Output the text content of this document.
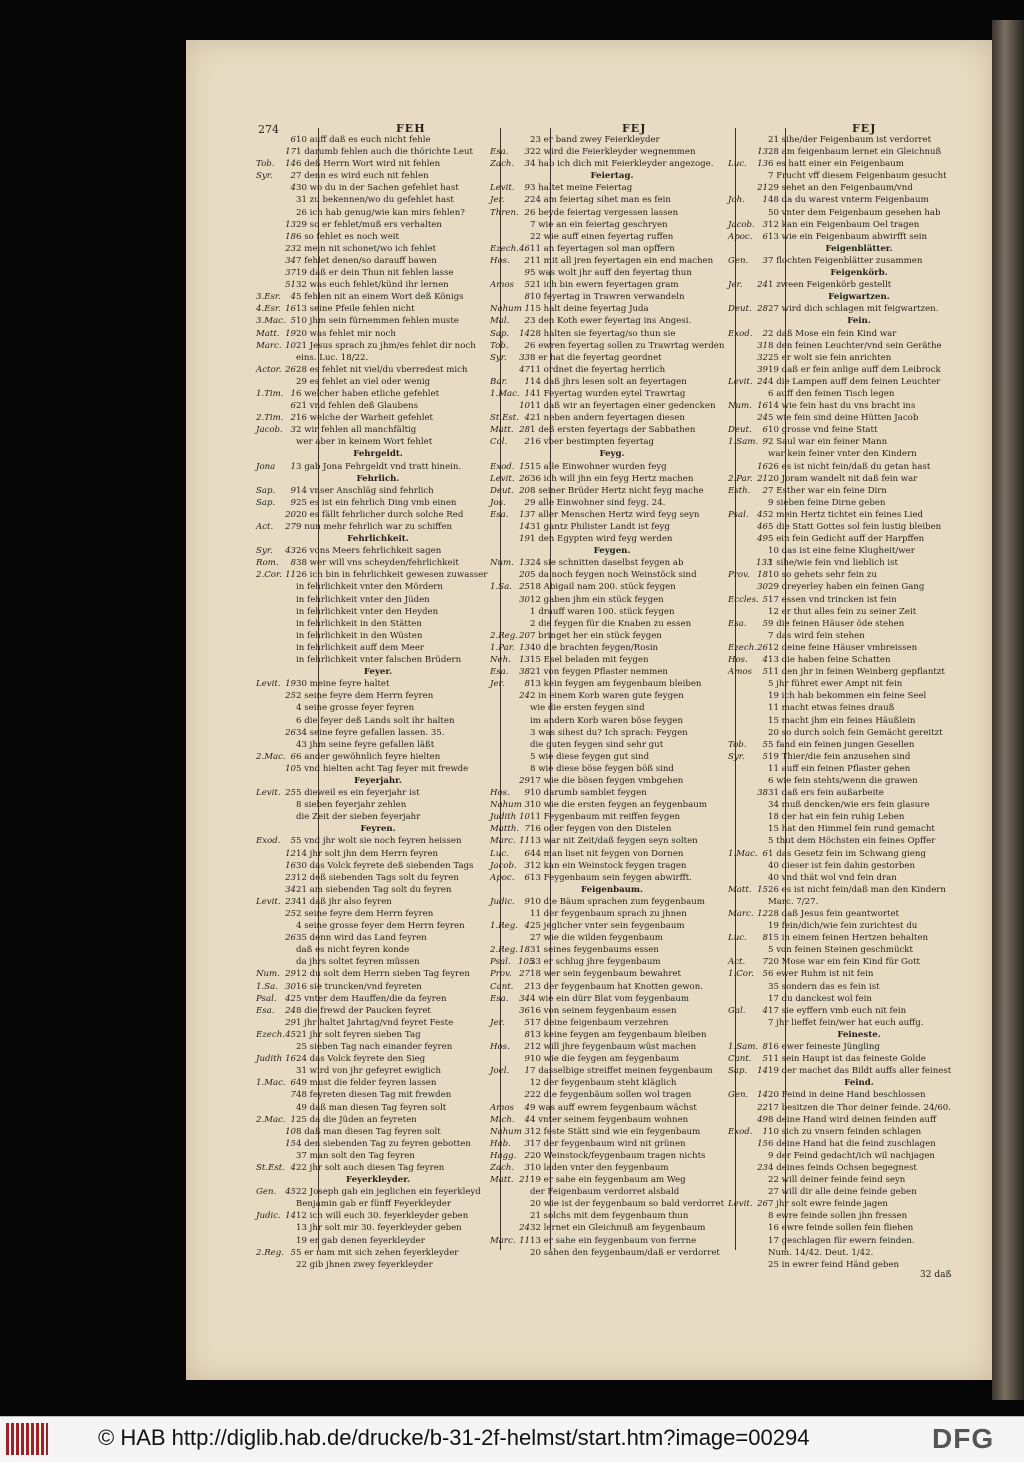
274	FEH	FEJ	FEJ
610 auff daß es euch nicht fehle
171 darumb fehlen auch die thörichte Leut
Tob. 146 deß Herrn Wort wird nit fehlen
Syr. 27 denn es wird euch nit fehlen
430 wo du in der Sachen gefehlet hast
31 zu bekennen/wo du gefehlet hast
26 ich hab genug/wie kan mirs fehlen?
1329 so er fehlet/muß ers verhalten
186 so fehlet es noch weit
232 mein nit schonet/wo ich fehlet
347 fehlet denen/so darauff bawen
3719 daß er dein Thun nit fehlen lasse
5132 was euch fehlet/künd ihr lernen
3.Esr. 45 fehlen nit an einem Wort deß Königs
4.Esr. 1613 seine Pfeile fehlen nicht
3.Mac. 510 jhm sein fürnemmen fehlen muste
Matt. 1920 was fehlet mir noch
Marc. 1021 Jesus sprach zu jhm/es fehlet dir noch
eins. Luc. 18/22.
Actor. 2628 es fehlet nit viel/du vberredest mich
29 es fehlet an viel oder wenig
1.Tim. 16 welcher haben etliche gefehlet
621 vnd fehlen deß Glaubens
2.Tim. 216 welche der Warheit gefehlet
Jacob. 32 wir fehlen all manchfältig
wer aber in keinem Wort fehlet
Fehrgeldt.
Jona 13 gab Jona Fehrgeldt vnd tratt hinein.
Fehrlich.
Sap. 914 vnser Anschläg sind fehrlich
Sap. 925 es ist ein fehrlich Ding vmb einen
2020 es fällt fehrlicher durch solche Red
Act. 279 nun mehr fehrlich war zu schiffen
Fehrlichkeit.
Syr. 4326 vons Meers fehrlichkeit sagen
Rom. 838 wer will vns scheyden/fehrlichkeit
2.Cor. 1126 ich bin in fehrlichkeit gewesen zuwasser
in fehrlichkeit vnter den Mördern
in fehrlichkeit vnter den Jüden
in fehrlichkeit vnter den Heyden
in fehrlichkeit in den Stätten
in fehrlichkeit in den Wüsten
in fehrlichkeit auff dem Meer
in fehrlichkeit vnter falschen Brüdern
Feyer.
Levit. 1930 meine feyre haltet
252 seine feyre dem Herrn feyren
4 seine grosse feyer feyren
6 die feyer deß Lands solt ihr halten
2634 seine feyre gefallen lassen. 35.
43 jhm seine feyre gefallen läßt
2.Mac. 66 ander gewöhnlich feyre hielten
105 vnd hielten acht Tag feyer mit frewde
Feyerjahr.
Levit. 255 dieweil es ein feyerjahr ist
8 sieben feyerjahr zehlen
die Zeit der sieben feyerjahr
Feyren.
Exod. 55 vnd jhr wolt sie noch feyren heissen
1214 jhr solt jhn dem Herrn feyren
1630 das Volck feyrete deß siebenden Tags
2312 deß siebenden Tags solt du feyren
3421 am siebenden Tag solt du feyren
Levit. 2341 daß jhr also feyren
252 seine feyre dem Herrn feyren
4 seine grosse feyer dem Herrn feyren
2635 denn wird das Land feyren
daß es nicht feyren konde
da jhrs soltet feyren müssen
Num. 2912 du solt dem Herrn sieben Tag feyren
1.Sa. 3016 sie truncken/vnd feyreten
Psal. 425 vnter dem Hauffen/die da feyren
Esa. 248 die frewd der Paucken feyret
291 jhr haltet Jahrtag/vnd feyret Feste
Ezech.4521 jhr solt feyren sieben Tag
25 sieben Tag nach einander feyren
Judith 1624 das Volck feyrete den Sieg
31 wird von jhr gefeyret ewiglich
1.Mac. 649 must die felder feyren lassen
748 feyreten diesen Tag mit frewden
49 daß man diesen Tag feyren solt
2.Mac. 125 da die Jüden an feyreten
108 daß man diesen Tag feyren solt
154 den siebenden Tag zu feyren gebotten
37 man solt den Tag feyren
St.Est. 422 jhr solt auch diesen Tag feyren
Feyerkleyder.
Gen. 4522 Joseph gab ein jeglichen ein feyerkleyd
Benjamin gab er fünff Feyerkleyder
Judic. 1412 ich will euch 30. feyerkleyder geben
13 jhr solt mir 30. feyerkleyder geben
19 er gab denen feyerkleyder
2.Reg. 55 er nam mit sich zehen feyerkleyder
22 gib jhnen zwey feyerkleyder
23 er band zwey Feierkleyder
Esa. 322 wird die Feierkleyder wegnemmen
Zach. 34 hab ich dich mit Feierkleyder angezoge.
Feiertag.
Levit. 93 haltet meine Feiertag
Jer. 224 am feiertag sihet man es fein
Thren. 26 beyde feiertag vergessen lassen
7 wie an ein feiertag geschryen
22 wie auff einen feyertag ruffen
Ezech.4611 an feyertagen sol man opffern
Hos. 211 mit all jren feyertagen ein end machen
95 was wolt jhr auff den feyertag thun
Amos 521 ich bin ewern feyertagen gram
810 feyertag in Trawren verwandeln
Nahum 115 halt deine feyertag Juda
Mal. 23 den Koth ewer feyertag ins Angesi.
Sap. 1428 halten sie feyertag/so thun sie
Tob. 26 ewren feyertag sollen zu Trawrtag werden
Syr. 338 er hat die feyertag geordnet
4711 ordnet die feyertag herrlich
Bar. 114 daß jhrs lesen solt an feyertagen
1.Mac. 141 Feyertag wurden eytel Trawrtag
1011 daß wir an feyertagen einer gedencken
St.Est. 421 neben andern feyertagen diesen
Matt. 281 deß ersten feyertags der Sabbathen
Col. 216 vber bestimpten feyertag
Feyg.
Exod. 1515 alle Einwohner wurden feyg
Levit. 2636 ich will jhn ein feyg Hertz machen
Deut. 208 seiner Brüder Hertz nicht feyg mache
Jos. 29 alle Einwohner sind feyg. 24.
Esa. 137 aller Menschen Hertz wird feyg seyn
1431 gantz Philister Landt ist feyg
191 den Egypten wird feyg werden
Feygen.
Num. 1324 sie schnitten daselbst feygen ab
205 da noch feygen noch Weinstöck sind
1.Sa. 2518 Abigail nam 200. stück feygen
3012 gaben jhm ein stück feygen
1 drauff waren 100. stück feygen
2 die feygen für die Knaben zu essen
2.Reg.207 bringet her ein stück feygen
1.Par. 1340 die brachten feygen/Rosin
Neh. 1315 Esel beladen mit feygen
Esa. 3821 von feygen Pflaster nemmen
Jer. 813 kein feygen am feygenbaum bleiben
242 in einem Korb waren gute feygen
wie die ersten feygen sind
im andern Korb waren böse feygen
3 was sihest du? Ich sprach: Feygen
die guten feygen sind sehr gut
5 wie diese feygen gut sind
8 wie diese böse feygen böß sind
2917 wie die bösen feygen vmbgehen
Hos. 910 darumb samblet feygen
Nahum 310 wie die ersten feygen an feygenbaum
Judith 1011 Feygenbaum mit reiffen feygen
Matth. 716 oder feygen von den Distelen
Marc. 1113 war nit Zeit/daß feygen seyn solten
Luc. 644 man liset nit feygen von Dornen
Jacob. 312 kan ein Weinstock feygen tragen
Apoc. 613 Feygenbaum sein feygen abwirfft.
Feigenbaum.
Judic. 910 die Bäum sprachen zum feygenbaum
11 der feygenbaum sprach zu jhnen
1.Reg. 425 jeglicher vnter sein feygenbaum
27 wie die wilden feygenbaum
2.Reg.1831 seines feygenbaums essen
Psal. 10533 er schlug jhre feygenbaum
Prov. 2718 wer sein feygenbaum bewahret
Cant. 213 der feygenbaum hat Knotten gewon.
Esa. 344 wie ein dürr Blat vom feygenbaum
3616 von seinem feygenbaum essen
Jer. 517 deine feigenbaum verzehren
813 keine feygen am feygenbaum bleiben
Hos. 212 will jhre feygenbaum wüst machen
910 wie die feygen am feygenbaum
Joel. 17 dasselbige streiffet meinen feygenbaum
12 der feygenbaum steht kläglich
222 die feygenbäum sollen wol tragen
Amos 49 was auff ewrem feygenbaum wächst
Mich. 44 vnter seinem feygenbaum wohnen
Nahum 312 feste Stätt sind wie ein feygenbaum
Hab. 317 der feygenbaum wird nit grünen
Hagg. 220 Weinstock/feygenbaum tragen nichts
Zach. 310 laden vnter den feygenbaum
Matt. 2119 er sahe ein feygenbaum am Weg
der Feigenbaum verdorret alsbald
20 wie ist der feygenbaum so bald verdorret
21 solchs mit dem feygenbaum thun
2432 lernet ein Gleichnuß am feygenbaum
Marc. 1113 er sahe ein feygenbaum von ferrne
20 sahen den feygenbaum/daß er verdorret
21 sihe/der Feigenbaum ist verdorret
1328 am feigenbaum lernet ein Gleichnuß
Luc. 136 es hatt einer ein Feigenbaum
7 Frucht vff diesem Feigenbaum gesucht
2129 sehet an den Feigenbaum/vnd
Joh. 148 da du warest vnterm Feigenbaum
50 vnter dem Feigenbaum gesehen hab
Jacob. 312 kan ein Feigenbaum Oel tragen
Apoc. 613 wie ein Feigenbaum abwirfft sein
Feigenblätter.
Gen. 37 flochten Feigenblätter zusammen
Feigenkörb.
Jer. 241 zween Feigenkörb gestellt
Feigwartzen.
Deut. 2827 wird dich schlagen mit feigwartzen.
Fein.
Exod. 22 daß Mose ein fein Kind war
318 den feinen Leuchter/vnd sein Geräthe
3225 er wolt sie fein anrichten
3919 daß er fein anlige auff dem Leibrock
Levit. 244 die Lampen auff dem feinen Leuchter
6 auff den feinen Tisch legen
Num. 1614 wie fein hast du vns bracht ins
245 wie fein sind deine Hütten Jacob
Deut. 610 grosse vnd feine Statt
1.Sam. 92 Saul war ein feiner Mann
war kein feiner vnter den Kindern
1626 es ist nicht fein/daß du getan hast
2.Par. 2120 Joram wandelt nit daß fein war
Esth. 27 Esther war ein feine Dirn
9 sieben feine Dirne geben
Psal. 452 mein Hertz tichtet ein feines Lied
465 die Statt Gottes sol fein lustig bleiben
495 ein fein Gedicht auff der Harpffen
10 das ist eine feine Klugheit/wer
1331 sihe/wie fein vnd lieblich ist
Prov. 1810 so gehets sehr fein zu
3029 dreyerley haben ein feinen Gang
Eccles. 517 essen vnd trincken ist fein
12 er thut alles fein zu seiner Zeit
Esa. 59 die feinen Häuser öde stehen
7 das wird fein stehen
Ezech.2612 deine feine Häuser vmbreissen
Hos. 413 die haben feine Schatten
Amos 511 den jhr in feinen Weinberg gepflantzt
5 jhr führet ewer Ampt nit fein
19 ich hab bekommen ein feine Seel
11 macht etwas feines drauß
15 macht jhm ein feines Häußlein
20 so durch solch fein Gemächt gereitzt
Tob. 55 fand ein feinen jungen Gesellen
Syr. 519 Thier/die fein anzusehen sind
11 auff ein feinen Pflaster gehen
6 wie fein stehts/wenn die grawen
3831 daß ers fein außarbeite
34 muß dencken/wie ers fein glasure
18 der hat ein fein ruhig Leben
15 hat den Himmel fein rund gemacht
5 thut dem Höchsten ein feines Opffer
1.Mac. 61 das Gesetz fein im Schwang gieng
40 dieser ist fein dahin gestorben
40 vnd thät wol vnd fein dran
Matt. 1526 es ist nicht fein/daß man den Kindern
Marc. 7/27.
Marc. 1228 daß Jesus fein geantwortet
19 fein/dich/wie fein zurichtest du
Luc. 815 in einem feinen Hertzen behalten
5 von feinen Steinen geschmückt
Act. 720 Mose war ein fein Kind für Gott
1.Cor. 56 ewer Ruhm ist nit fein
35 sondern das es fein ist
17 du danckest wol fein
Gal. 417 sie eyffern vmb euch nit fein
7 jhr lieffet fein/wer hat euch auffg.
Feineste.
1.Sam. 816 ewer feineste Jüngling
Cant. 511 sein Haupt ist das feineste Golde
Sap. 1419 der machet das Bildt auffs aller feinest
Feind.
Gen. 1420 Feind in deine Hand beschlossen
2217 besitzen die Thor deiner feinde. 24/60.
498 deine Hand wird deinen feinden auff
Exod. 110 sich zu vnsern feinden schlagen
156 deine Hand hat die feind zuschlagen
9 der Feind gedacht/ich wil nachjagen
234 deines feinds Ochsen begegnest
22 will deiner feinde feind seyn
27 will dir alle deine feinde geben
Levit. 267 jhr solt ewre feinde jagen
8 ewre feinde sollen jhn fressen
16 ewre feinde sollen fein fliehen
17 geschlagen für ewern feinden.
Num. 14/42. Deut. 1/42.
25 in ewrer feind Händ geben
32 daß
© HAB http://diglib.hab.de/drucke/b-31-2f-helmst/start.htm?image=00294	DFG
